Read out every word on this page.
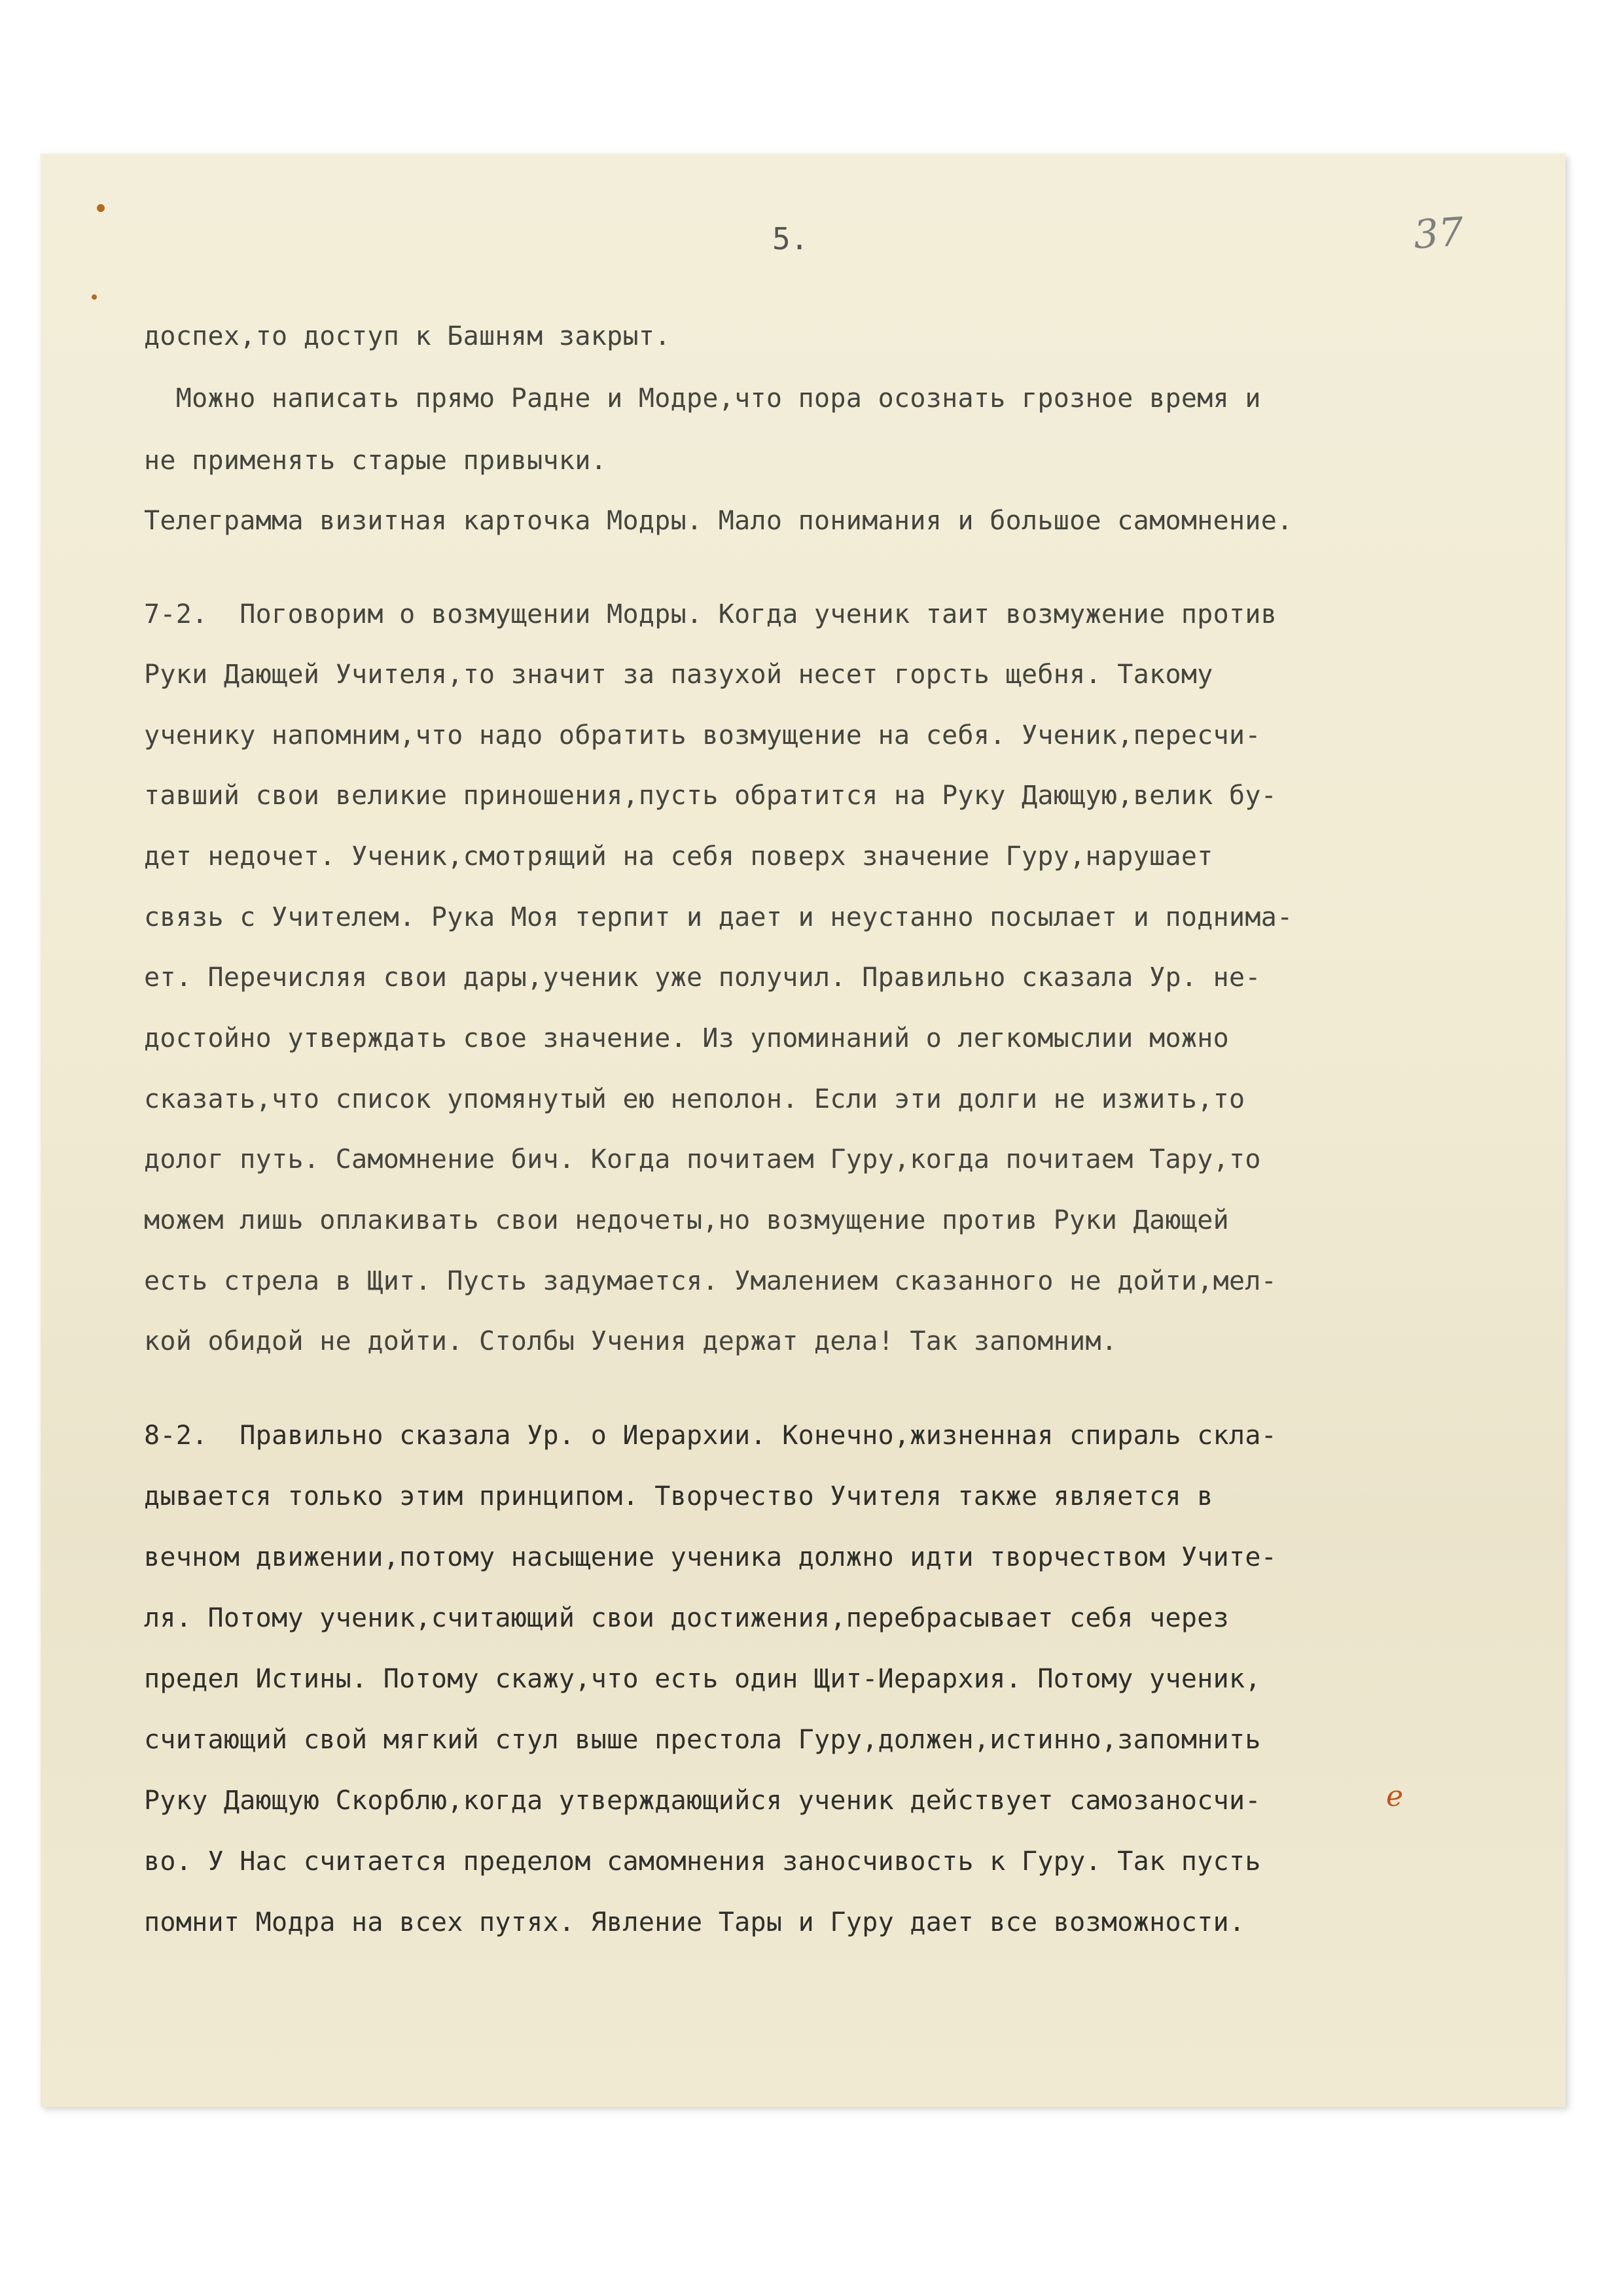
5.	37
доспех,то доступ к Башням закрыт.
Можно написать прямо Радне и Модре,что пора осознать грозное время и
не применять старые привычки.
Телеграмма визитная карточка Модры. Мало понимания и большое самомнение.
7-2.  Поговорим о возмущении Модры. Когда ученик таит возмужение против
Руки Дающей Учителя,то значит за пазухой несет горсть щебня. Такому
ученику напомним,что надо обратить возмущение на себя. Ученик,пересчи-
тавший свои великие приношения,пусть обратится на Руку Дающую,велик бу-
дет недочет. Ученик,смотрящий на себя поверх значение Гуру,нарушает
связь с Учителем. Рука Моя терпит и дает и неустанно посылает и поднима-
ет. Перечисляя свои дары,ученик уже получил. Правильно сказала Ур. не-
достойно утверждать свое значение. Из упоминаний о легкомыслии можно
сказать,что список упомянутый ею неполон. Если эти долги не изжить,то
долог путь. Самомнение бич. Когда почитаем Гуру,когда почитаем Тару,то
можем лишь оплакивать свои недочеты,но возмущение против Руки Дающей
есть стрела в Щит. Пусть задумается. Умалением сказанного не дойти,мел-
кой обидой не дойти. Столбы Учения держат дела! Так запомним.
8-2.  Правильно сказала Ур. о Иерархии. Конечно,жизненная спираль скла-
дывается только этим принципом. Творчество Учителя также является в
вечном движении,потому насыщение ученика должно идти творчеством Учите-
ля. Потому ученик,считающий свои достижения,перебрасывает себя через
предел Истины. Потому скажу,что есть один Щит-Иерархия. Потому ученик,
считающий свой мягкий стул выше престола Гуру,должен,истинно,запомнить
Руку Дающую Скорблю,когда утверждающийся ученик действует самозаносчи-
во. У Нас считается пределом самомнения заносчивость к Гуру. Так пусть
помнит Модра на всех путях. Явление Тары и Гуру дает все возможности.
е
